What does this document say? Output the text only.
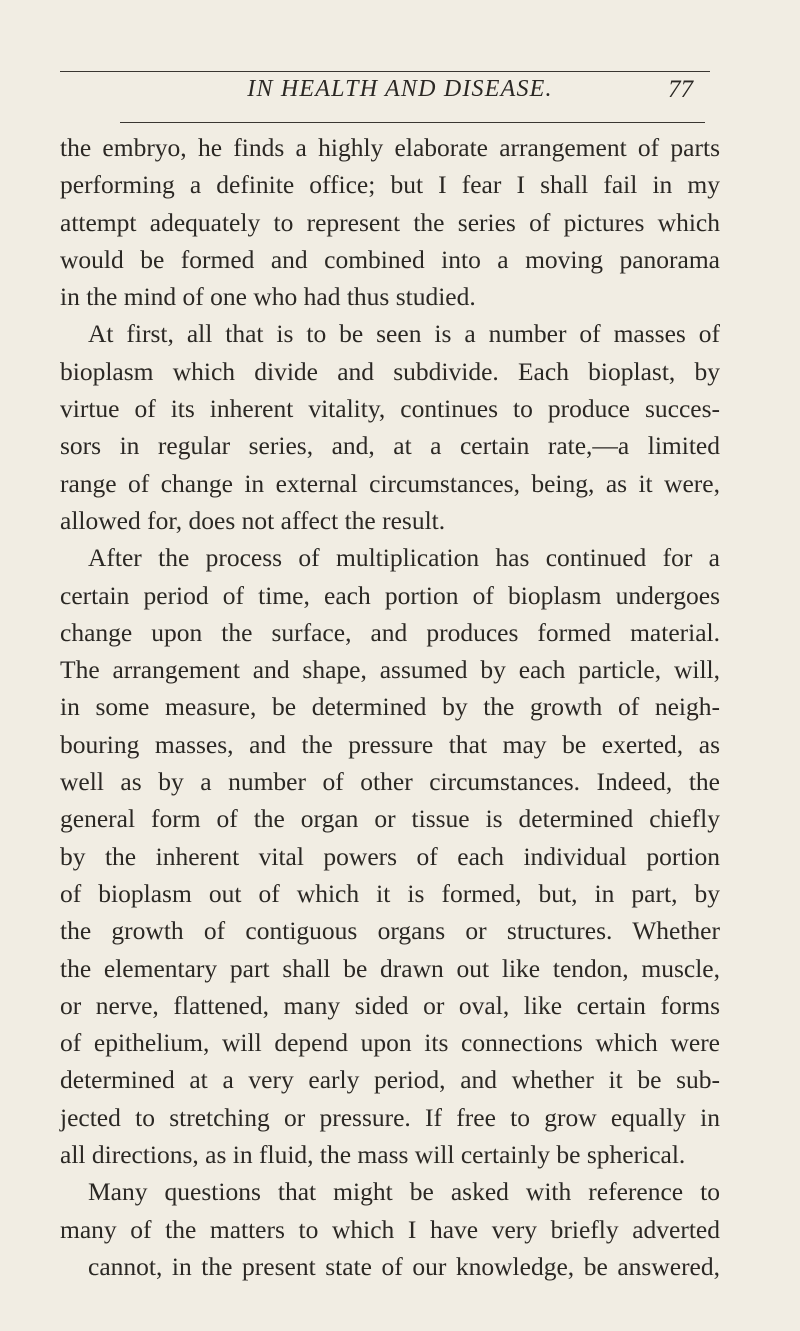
IN HEALTH AND DISEASE.	77
the embryo, he finds a highly elaborate arrangement of parts
performing a definite office; but I fear I shall fail in my
attempt adequately to represent the series of pictures which
would be formed and combined into a moving panorama
in the mind of one who had thus studied.
At first, all that is to be seen is a number of masses of
bioplasm which divide and subdivide. Each bioplast, by
virtue of its inherent vitality, continues to produce succes-
sors in regular series, and, at a certain rate,—a limited
range of change in external circumstances, being, as it were,
allowed for, does not affect the result.
After the process of multiplication has continued for a
certain period of time, each portion of bioplasm undergoes
change upon the surface, and produces formed material.
The arrangement and shape, assumed by each particle, will,
in some measure, be determined by the growth of neigh-
bouring masses, and the pressure that may be exerted, as
well as by a number of other circumstances. Indeed, the
general form of the organ or tissue is determined chiefly
by the inherent vital powers of each individual portion
of bioplasm out of which it is formed, but, in part, by
the growth of contiguous organs or structures. Whether
the elementary part shall be drawn out like tendon, muscle,
or nerve, flattened, many sided or oval, like certain forms
of epithelium, will depend upon its connections which were
determined at a very early period, and whether it be sub-
jected to stretching or pressure. If free to grow equally in
all directions, as in fluid, the mass will certainly be spherical.
Many questions that might be asked with reference to
many of the matters to which I have very briefly adverted
cannot, in the present state of our knowledge, be answered,
